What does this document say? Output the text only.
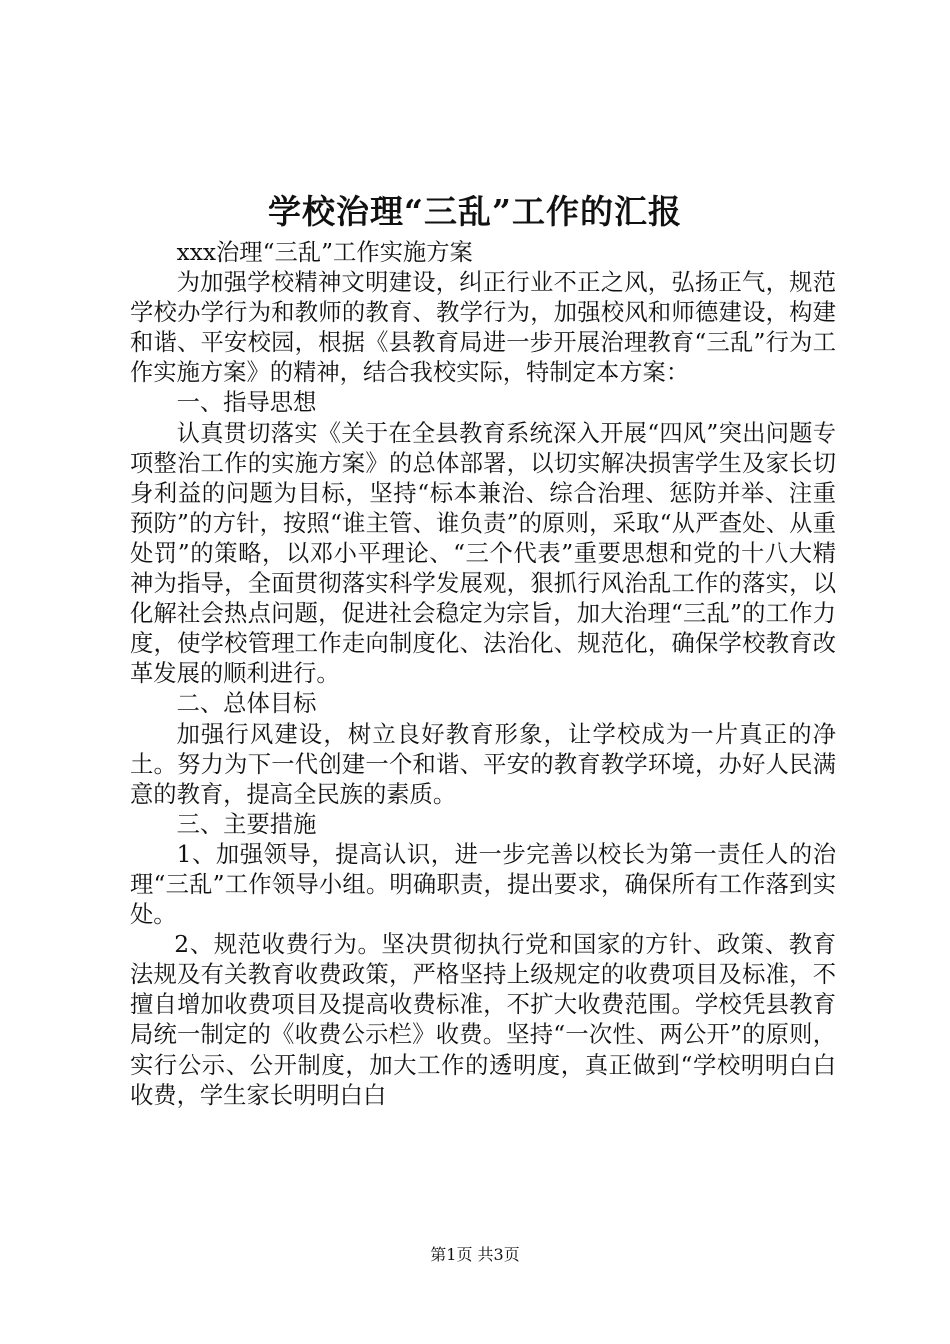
学校治理“三乱”工作的汇报

xxx治理“三乱”工作实施方案

为加强学校精神文明建设，纠正行业不正之风，弘扬正气，规范学校办学行为和教师的教育、教学行为，加强校风和师德建设，构建和谐、平安校园，根据《县教育局进一步开展治理教育“三乱”行为工作实施方案》的精神，结合我校实际，特制定本方案：

一、指导思想

认真贯切落实《关于在全县教育系统深入开展“四风”突出问题专项整治工作的实施方案》的总体部署，以切实解决损害学生及家长切身利益的问题为目标，坚持“标本兼治、综合治理、惩防并举、注重预防”的方针，按照“谁主管、谁负责”的原则，采取“从严查处、从重处罚”的策略，以邓小平理论、“三个代表”重要思想和党的十八大精神为指导，全面贯彻落实科学发展观，狠抓行风治乱工作的落实，以化解社会热点问题，促进社会稳定为宗旨，加大治理“三乱”的工作力度，使学校管理工作走向制度化、法治化、规范化，确保学校教育改革发展的顺利进行。

二、总体目标

加强行风建设，树立良好教育形象，让学校成为一片真正的净土。努力为下一代创建一个和谐、平安的教育教学环境，办好人民满意的教育，提高全民族的素质。

三、主要措施

1、加强领导，提高认识，进一步完善以校长为第一责任人的治理“三乱”工作领导小组。明确职责，提出要求，确保所有工作落到实处。

2、规范收费行为。坚决贯彻执行党和国家的方针、政策、教育法规及有关教育收费政策，严格坚持上级规定的收费项目及标准，不擅自增加收费项目及提高收费标准，不扩大收费范围。学校凭县教育局统一制定的《收费公示栏》收费。坚持“一次性、两公开”的原则，实行公示、公开制度，加大工作的透明度，真正做到“学校明明白白收费，学生家长明明白白

第1页 共3页
